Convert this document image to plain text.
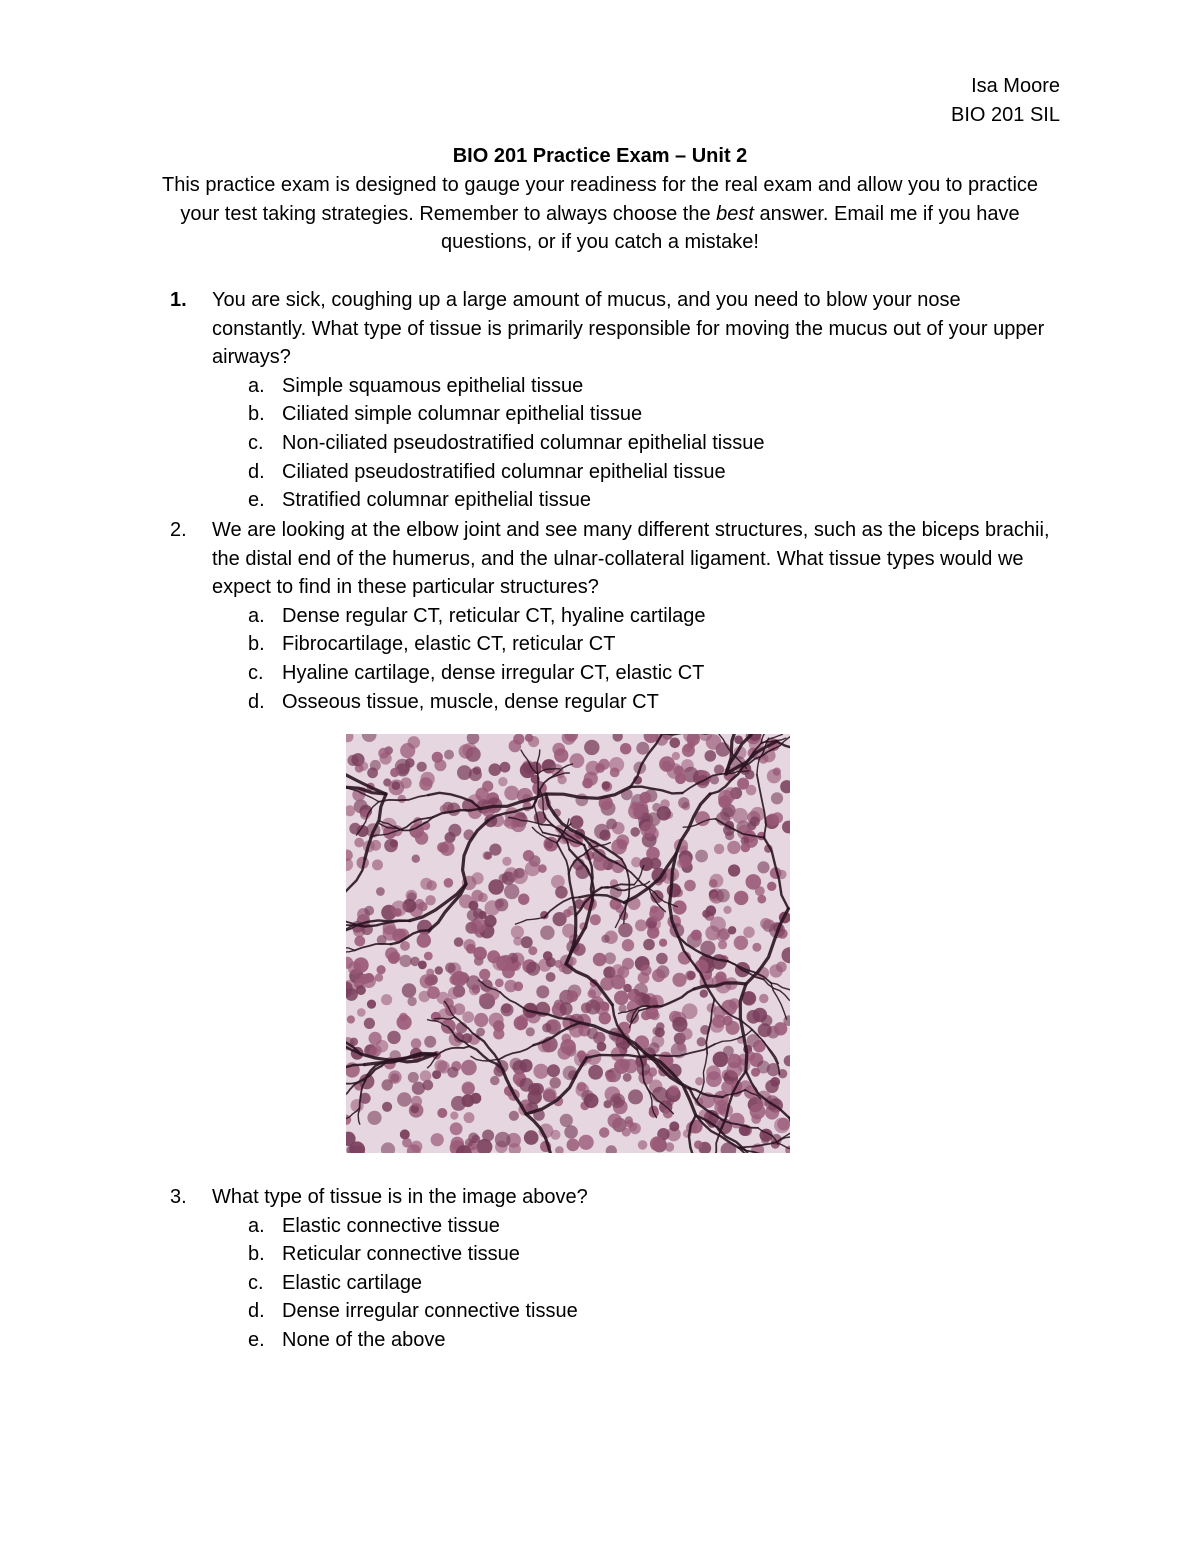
Isa Moore
BIO 201 SIL
BIO 201 Practice Exam – Unit 2
This practice exam is designed to gauge your readiness for the real exam and allow you to practice your test taking strategies. Remember to always choose the best answer. Email me if you have questions, or if you catch a mistake!
1.	You are sick, coughing up a large amount of mucus, and you need to blow your nose constantly. What type of tissue is primarily responsible for moving the mucus out of your upper airways?
a. Simple squamous epithelial tissue
b. Ciliated simple columnar epithelial tissue
c. Non-ciliated pseudostratified columnar epithelial tissue
d. Ciliated pseudostratified columnar epithelial tissue
e. Stratified columnar epithelial tissue
2.	We are looking at the elbow joint and see many different structures, such as the biceps brachii, the distal end of the humerus, and the ulnar-collateral ligament. What tissue types would we expect to find in these particular structures?
a. Dense regular CT, reticular CT, hyaline cartilage
b. Fibrocartilage, elastic CT, reticular CT
c. Hyaline cartilage, dense irregular CT, elastic CT
d. Osseous tissue, muscle, dense regular CT
3.	What type of tissue is in the image above?
a. Elastic connective tissue
b. Reticular connective tissue
c. Elastic cartilage
d. Dense irregular connective tissue
e. None of the above
